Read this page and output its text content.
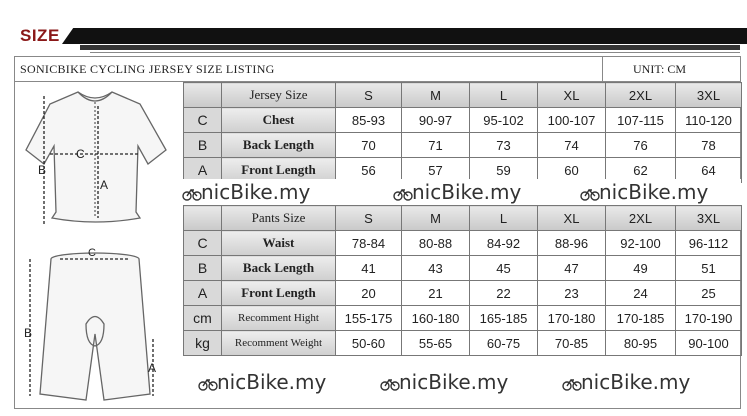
SIZE
SONICBIKE CYCLING JERSEY SIZE LISTING	UNIT: CM
C
B
A
C
B
A
	Jersey Size	S	M	L	XL	2XL	3XL
C	Chest	85-93	90-97	95-102	100-107	107-115	110-120
B	Back Length	70	71	73	74	76	78
A	Front Length	56	57	59	60	62	64
nicBike.my	nicBike.my	nicBike.my
	Pants Size	S	M	L	XL	2XL	3XL
C	Waist	78-84	80-88	84-92	88-96	92-100	96-112
B	Back Length	41	43	45	47	49	51
A	Front Length	20	21	22	23	24	25
cm	Recomment Hight	155-175	160-180	165-185	170-180	170-185	170-190
kg	Recomment Weight	50-60	55-65	60-75	70-85	80-95	90-100
nicBike.my	nicBike.my	nicBike.my
